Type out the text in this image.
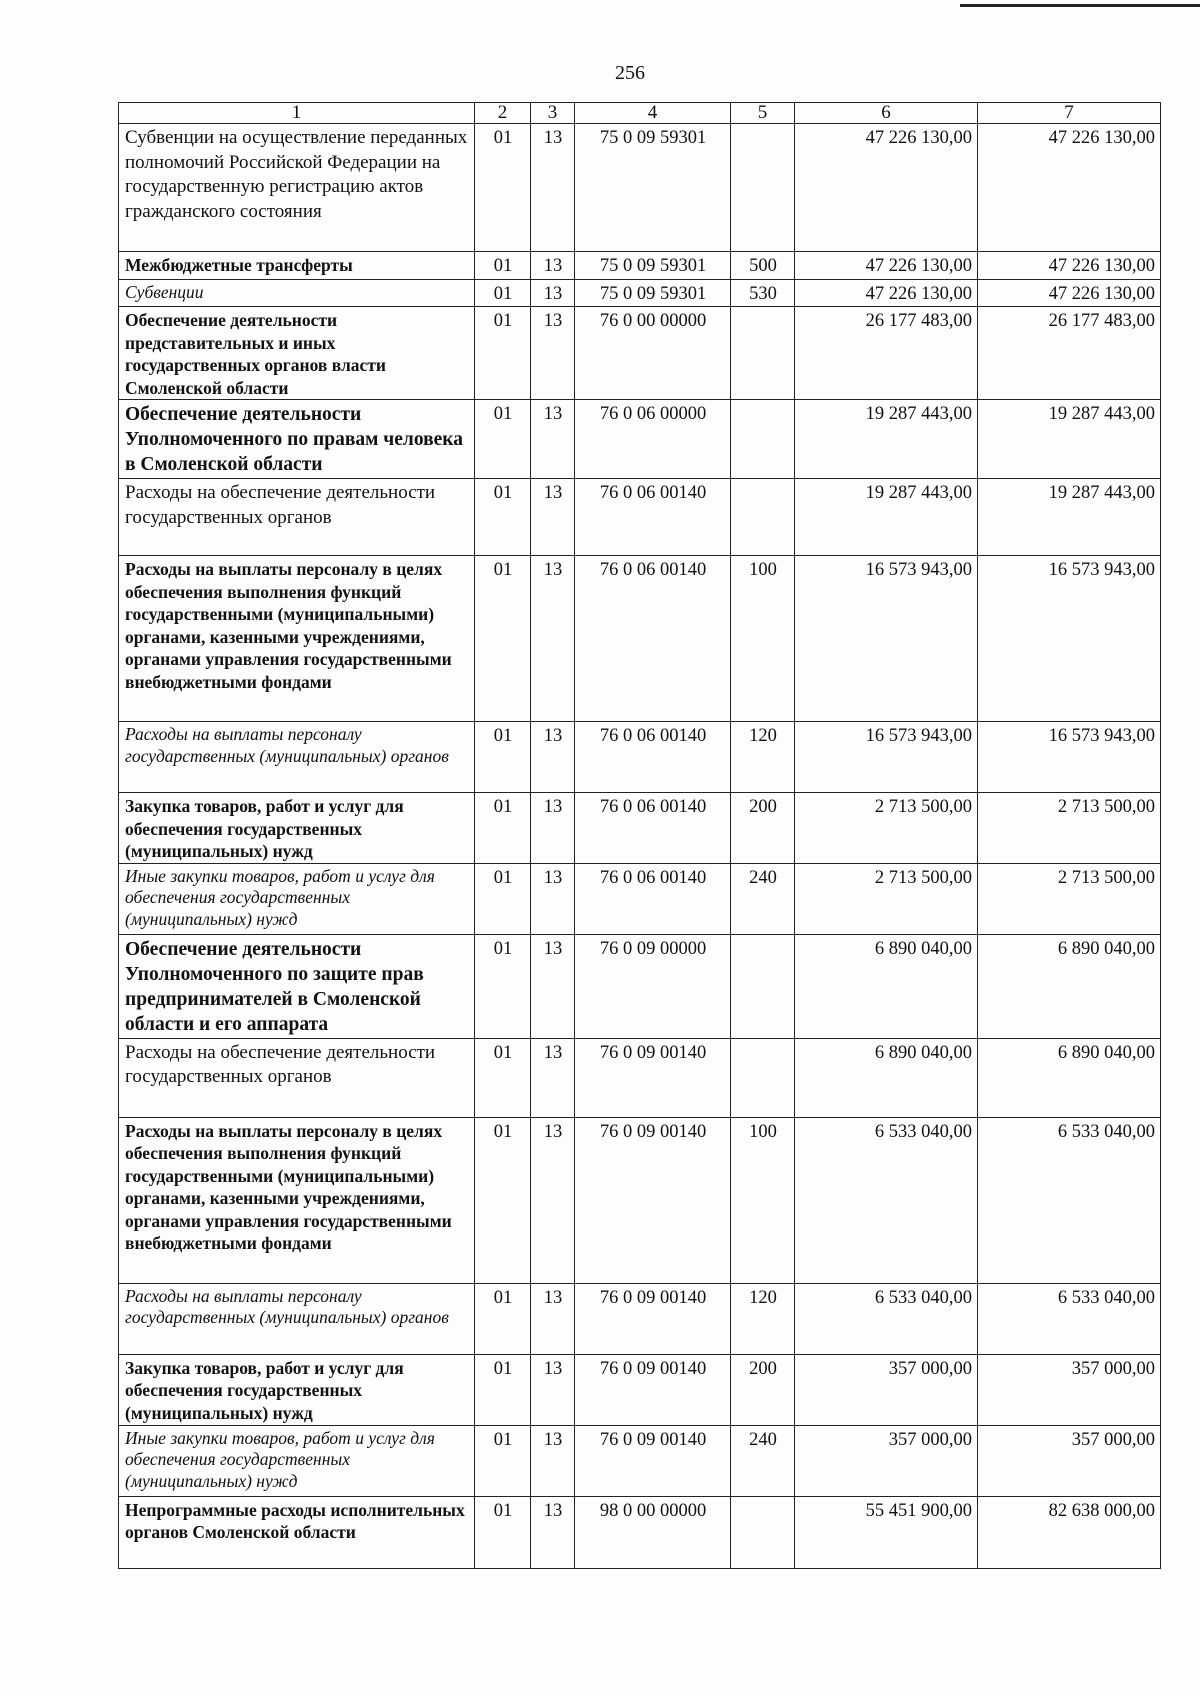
256
1	2	3	4	5	6	7
Субвенции на осуществление переданных полномочий Российской Федерации на государственную регистрацию актов гражданского состояния	01	13	75 0 09 59301		47 226 130,00	47 226 130,00
Межбюджетные трансферты	01	13	75 0 09 59301	500	47 226 130,00	47 226 130,00
Субвенции	01	13	75 0 09 59301	530	47 226 130,00	47 226 130,00
Обеспечение деятельности представительных и иных государственных органов власти Смоленской области	01	13	76 0 00 00000		26 177 483,00	26 177 483,00
Обеспечение деятельности Уполномоченного по правам человека в Смоленской области	01	13	76 0 06 00000		19 287 443,00	19 287 443,00
Расходы на обеспечение деятельности государственных органов	01	13	76 0 06 00140		19 287 443,00	19 287 443,00
Расходы на выплаты персоналу в целях обеспечения выполнения функций государственными (муниципальными) органами, казенными учреждениями, органами управления государственными внебюджетными фондами	01	13	76 0 06 00140	100	16 573 943,00	16 573 943,00
Расходы на выплаты персоналу государственных (муниципальных) органов	01	13	76 0 06 00140	120	16 573 943,00	16 573 943,00
Закупка товаров, работ и услуг для обеспечения государственных (муниципальных) нужд	01	13	76 0 06 00140	200	2 713 500,00	2 713 500,00
Иные закупки товаров, работ и услуг для обеспечения государственных (муниципальных) нужд	01	13	76 0 06 00140	240	2 713 500,00	2 713 500,00
Обеспечение деятельности Уполномоченного по защите прав предпринимателей в Смоленской области и его аппарата	01	13	76 0 09 00000		6 890 040,00	6 890 040,00
Расходы на обеспечение деятельности государственных органов	01	13	76 0 09 00140		6 890 040,00	6 890 040,00
Расходы на выплаты персоналу в целях обеспечения выполнения функций государственными (муниципальными) органами, казенными учреждениями, органами управления государственными внебюджетными фондами	01	13	76 0 09 00140	100	6 533 040,00	6 533 040,00
Расходы на выплаты персоналу государственных (муниципальных) органов	01	13	76 0 09 00140	120	6 533 040,00	6 533 040,00
Закупка товаров, работ и услуг для обеспечения государственных (муниципальных) нужд	01	13	76 0 09 00140	200	357 000,00	357 000,00
Иные закупки товаров, работ и услуг для обеспечения государственных (муниципальных) нужд	01	13	76 0 09 00140	240	357 000,00	357 000,00
Непрограммные расходы исполнительных органов Смоленской области	01	13	98 0 00 00000		55 451 900,00	82 638 000,00
